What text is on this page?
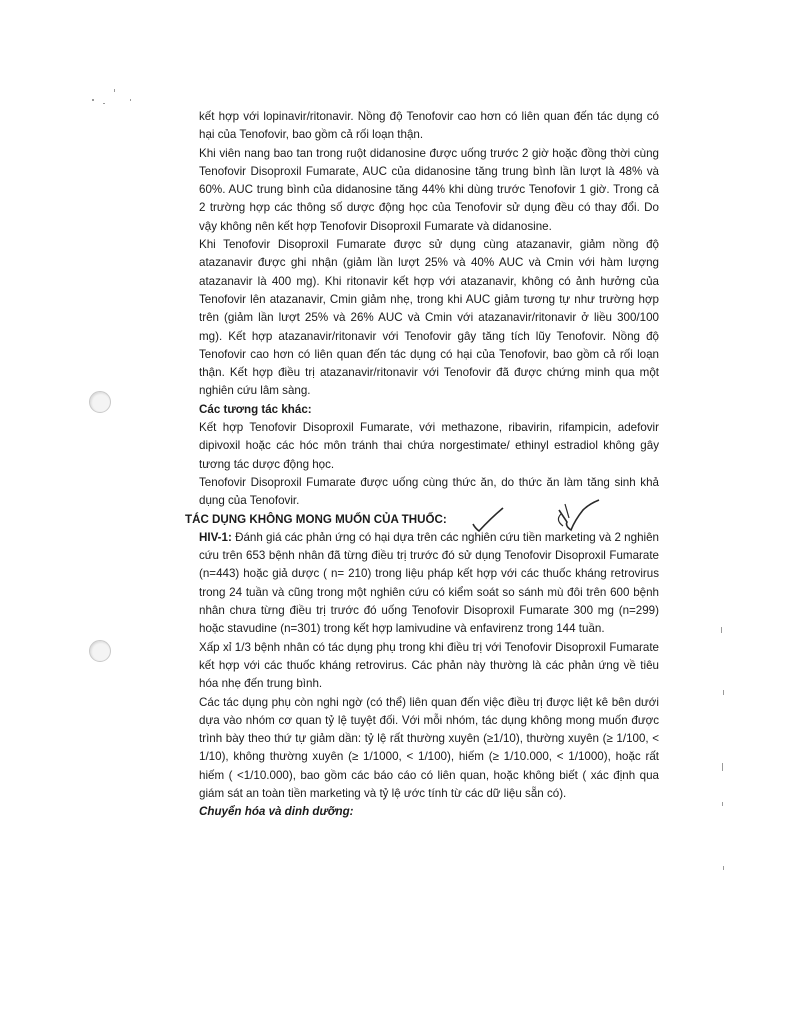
kết hợp với lopinavir/ritonavir. Nồng độ Tenofovir cao hơn có liên quan đến tác dụng có hại của Tenofovir, bao gồm cả rối loạn thận.

Khi viên nang bao tan trong ruột didanosine được uống trước 2 giờ hoặc đồng thời cùng Tenofovir Disoproxil Fumarate, AUC của didanosine tăng trung bình lần lượt là 48% và 60%. AUC trung bình của didanosine tăng 44% khi dùng trước Tenofovir 1 giờ. Trong cả 2 trường hợp các thông số dược động học của Tenofovir sử dụng đều có thay đổi. Do vậy không nên kết hợp Tenofovir Disoproxil Fumarate và didanosine.

Khi Tenofovir Disoproxil Fumarate được sử dụng cùng atazanavir, giảm nồng độ atazanavir được ghi nhận (giảm lần lượt 25% và 40% AUC và Cmin với hàm lượng atazanavir là 400 mg). Khi ritonavir kết hợp với atazanavir, không có ảnh hưởng của Tenofovir lên atazanavir, Cmin giảm nhẹ, trong khi AUC giảm tương tự như trường hợp trên (giảm lần lượt 25% và 26% AUC và Cmin với atazanavir/ritonavir ở liều 300/100 mg). Kết hợp atazanavir/ritonavir với Tenofovir gây tăng tích lũy Tenofovir. Nồng độ Tenofovir cao hơn có liên quan đến tác dụng có hại của Tenofovir, bao gồm cả rối loạn thận. Kết hợp điều trị atazanavir/ritonavir với Tenofovir đã được chứng minh qua một nghiên cứu lâm sàng.

Các tương tác khác:

Kết hợp Tenofovir Disoproxil Fumarate, với methazone, ribavirin, rifampicin, adefovir dipivoxil hoặc các hóc môn tránh thai chứa norgestimate/ ethinyl estradiol không gây tương tác dược động học.

Tenofovir Disoproxil Fumarate được uống cùng thức ăn, do thức ăn làm tăng sinh khả dụng của Tenofovir.

TÁC DỤNG KHÔNG MONG MUỐN CỦA THUỐC:

HIV-1: Đánh giá các phản ứng có hại dựa trên các nghiên cứu tiền marketing và 2 nghiên cứu trên 653 bệnh nhân đã từng điều trị trước đó sử dụng Tenofovir Disoproxil Fumarate (n=443) hoặc giả dược ( n= 210) trong liệu pháp kết hợp với các thuốc kháng retrovirus trong 24 tuần và cũng trong một nghiên cứu có kiểm soát so sánh mù đôi trên 600 bệnh nhân chưa từng điều trị trước đó uống Tenofovir Disoproxil Fumarate 300 mg (n=299) hoặc stavudine (n=301) trong kết hợp lamivudine và enfavirenz trong 144 tuần.

Xấp xỉ 1/3 bệnh nhân có tác dụng phụ trong khi điều trị với Tenofovir Disoproxil Fumarate kết hợp với các thuốc kháng retrovirus. Các phản này thường là các phản ứng về tiêu hóa nhẹ đến trung bình.

Các tác dụng phụ còn nghi ngờ (có thể) liên quan đến việc điều trị được liệt kê bên dưới dựa vào nhóm cơ quan tỷ lệ tuyệt đối. Với mỗi nhóm, tác dụng không mong muốn được trình bày theo thứ tự giảm dần: tỷ lệ rất thường xuyên (≥1/10), thường xuyên (≥ 1/100, < 1/10), không thường xuyên (≥ 1/1000, < 1/100), hiếm (≥ 1/10.000, < 1/1000), hoặc rất hiếm ( <1/10.000), bao gồm các báo cáo có liên quan, hoặc không biết ( xác định qua giám sát an toàn tiền marketing và tỷ lệ ước tính từ các dữ liệu sẵn có).

Chuyển hóa và dinh dưỡng:
